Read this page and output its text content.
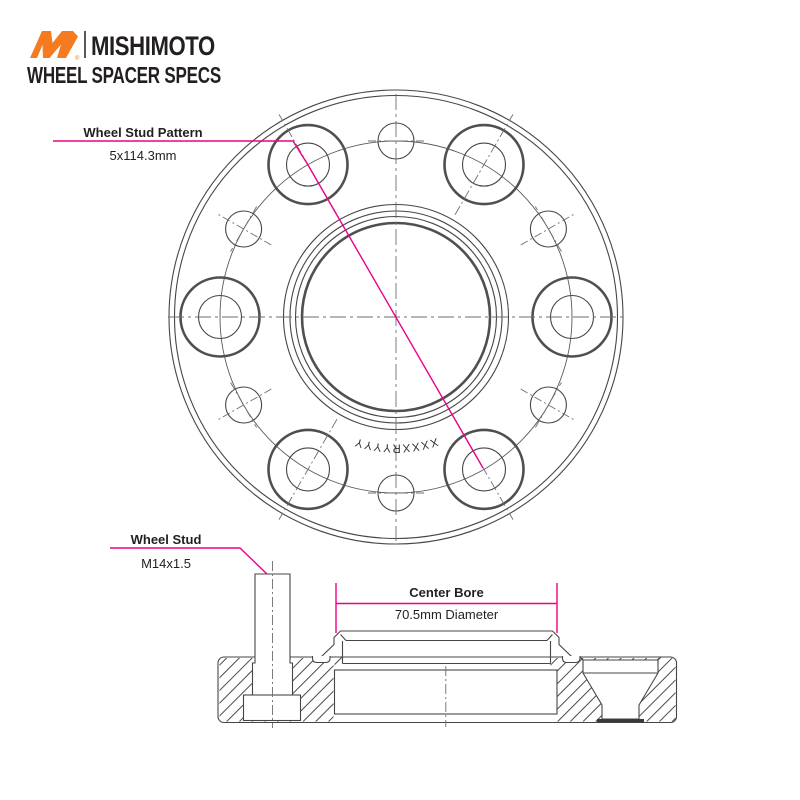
XXXXRYYYY
® MISHIMOTO
WHEEL SPACER SPECS
Wheel Stud Pattern
5x114.3mm
Wheel Stud
M14x1.5
Center Bore
70.5mm Diameter
